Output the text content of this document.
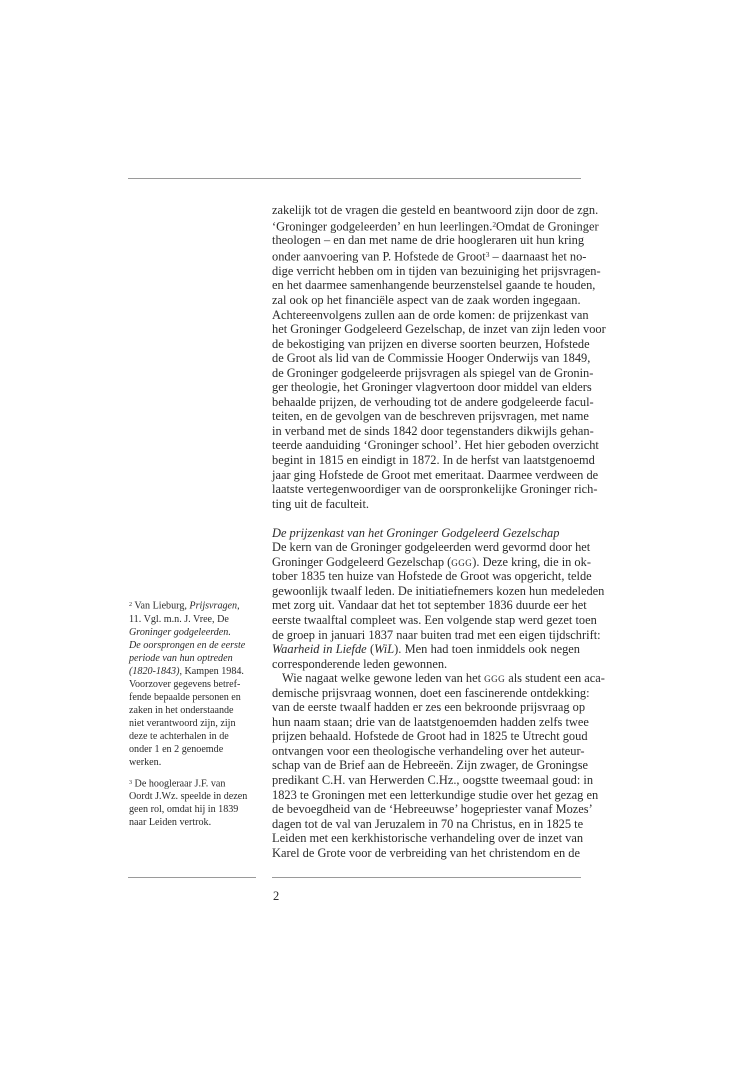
zakelijk tot de vragen die gesteld en beantwoord zijn door de zgn.
‘Groninger godgeleerden’ en hun leerlingen.$^2$Omdat de Groninger
theologen – en dan met name de drie hoogleraren uit hun kring
onder aanvoering van P. Hofstede de Groot$^3$ – daarnaast het no-
dige verricht hebben om in tijden van bezuiniging het prijsvragen-
en het daarmee samenhangende beurzenstelsel gaande te houden,
zal ook op het financiële aspect van de zaak worden ingegaan.
Achtereenvolgens zullen aan de orde komen: de prijzenkast van
het Groninger Godgeleerd Gezelschap, de inzet van zijn leden voor
de bekostiging van prijzen en diverse soorten beurzen, Hofstede
de Groot als lid van de Commissie Hooger Onderwijs van 1849,
de Groninger godgeleerde prijsvragen als spiegel van de Gronin-
ger theologie, het Groninger vlagvertoon door middel van elders
behaalde prijzen, de verhouding tot de andere godgeleerde facul-
teiten, en de gevolgen van de beschreven prijsvragen, met name
in verband met de sinds 1842 door tegenstanders dikwijls gehan-
teerde aanduiding ‘Groninger school’. Het hier geboden overzicht
begint in 1815 en eindigt in 1872. In de herfst van laatstgenoemd
jaar ging Hofstede de Groot met emeritaat. Daarmee verdween de
laatste vertegenwoordiger van de oorspronkelijke Groninger rich-
ting uit de faculteit.
De prijzenkast van het Groninger Godgeleerd Gezelschap
De kern van de Groninger godgeleerden werd gevormd door het
Groninger Godgeleerd Gezelschap (ggg). Deze kring, die in ok-
tober 1835 ten huize van Hofstede de Groot was opgericht, telde
gewoonlijk twaalf leden. De initiatiefnemers kozen hun medeleden
met zorg uit. Vandaar dat het tot september 1836 duurde eer het
eerste twaalftal compleet was. Een volgende stap werd gezet toen
de groep in januari 1837 naar buiten trad met een eigen tijdschrift:
Waarheid in Liefde (WiL). Men had toen inmiddels ook negen
corresponderende leden gewonnen.
Wie nagaat welke gewone leden van het ggg als student een aca-
demische prijsvraag wonnen, doet een fascinerende ontdekking:
van de eerste twaalf hadden er zes een bekroonde prijsvraag op
hun naam staan; drie van de laatstgenoemden hadden zelfs twee
prijzen behaald. Hofstede de Groot had in 1825 te Utrecht goud
ontvangen voor een theologische verhandeling over het auteur-
schap van de Brief aan de Hebreeën. Zijn zwager, de Groningse
predikant C.H. van Herwerden C.Hz., oogstte tweemaal goud: in
1823 te Groningen met een letterkundige studie over het gezag en
de bevoegdheid van de ‘Hebreeuwse’ hogepriester vanaf Mozes’
dagen tot de val van Jeruzalem in 70 na Christus, en in 1825 te
Leiden met een kerkhistorische verhandeling over de inzet van
Karel de Grote voor de verbreiding van het christendom en de
$^2$ Van Lieburg, Prijsvragen,
11. Vgl. m.n. J. Vree, De
Groninger godgeleerden.
De oorsprongen en de eerste
periode van hun optreden
(1820-1843), Kampen 1984.
Voorzover gegevens betref-
fende bepaalde personen en
zaken in het onderstaande
niet verantwoord zijn, zijn
deze te achterhalen in de
onder 1 en 2 genoemde
werken.
$^3$ De hoogleraar J.F. van
Oordt J.Wz. speelde in dezen
geen rol, omdat hij in 1839
naar Leiden vertrok.
2
